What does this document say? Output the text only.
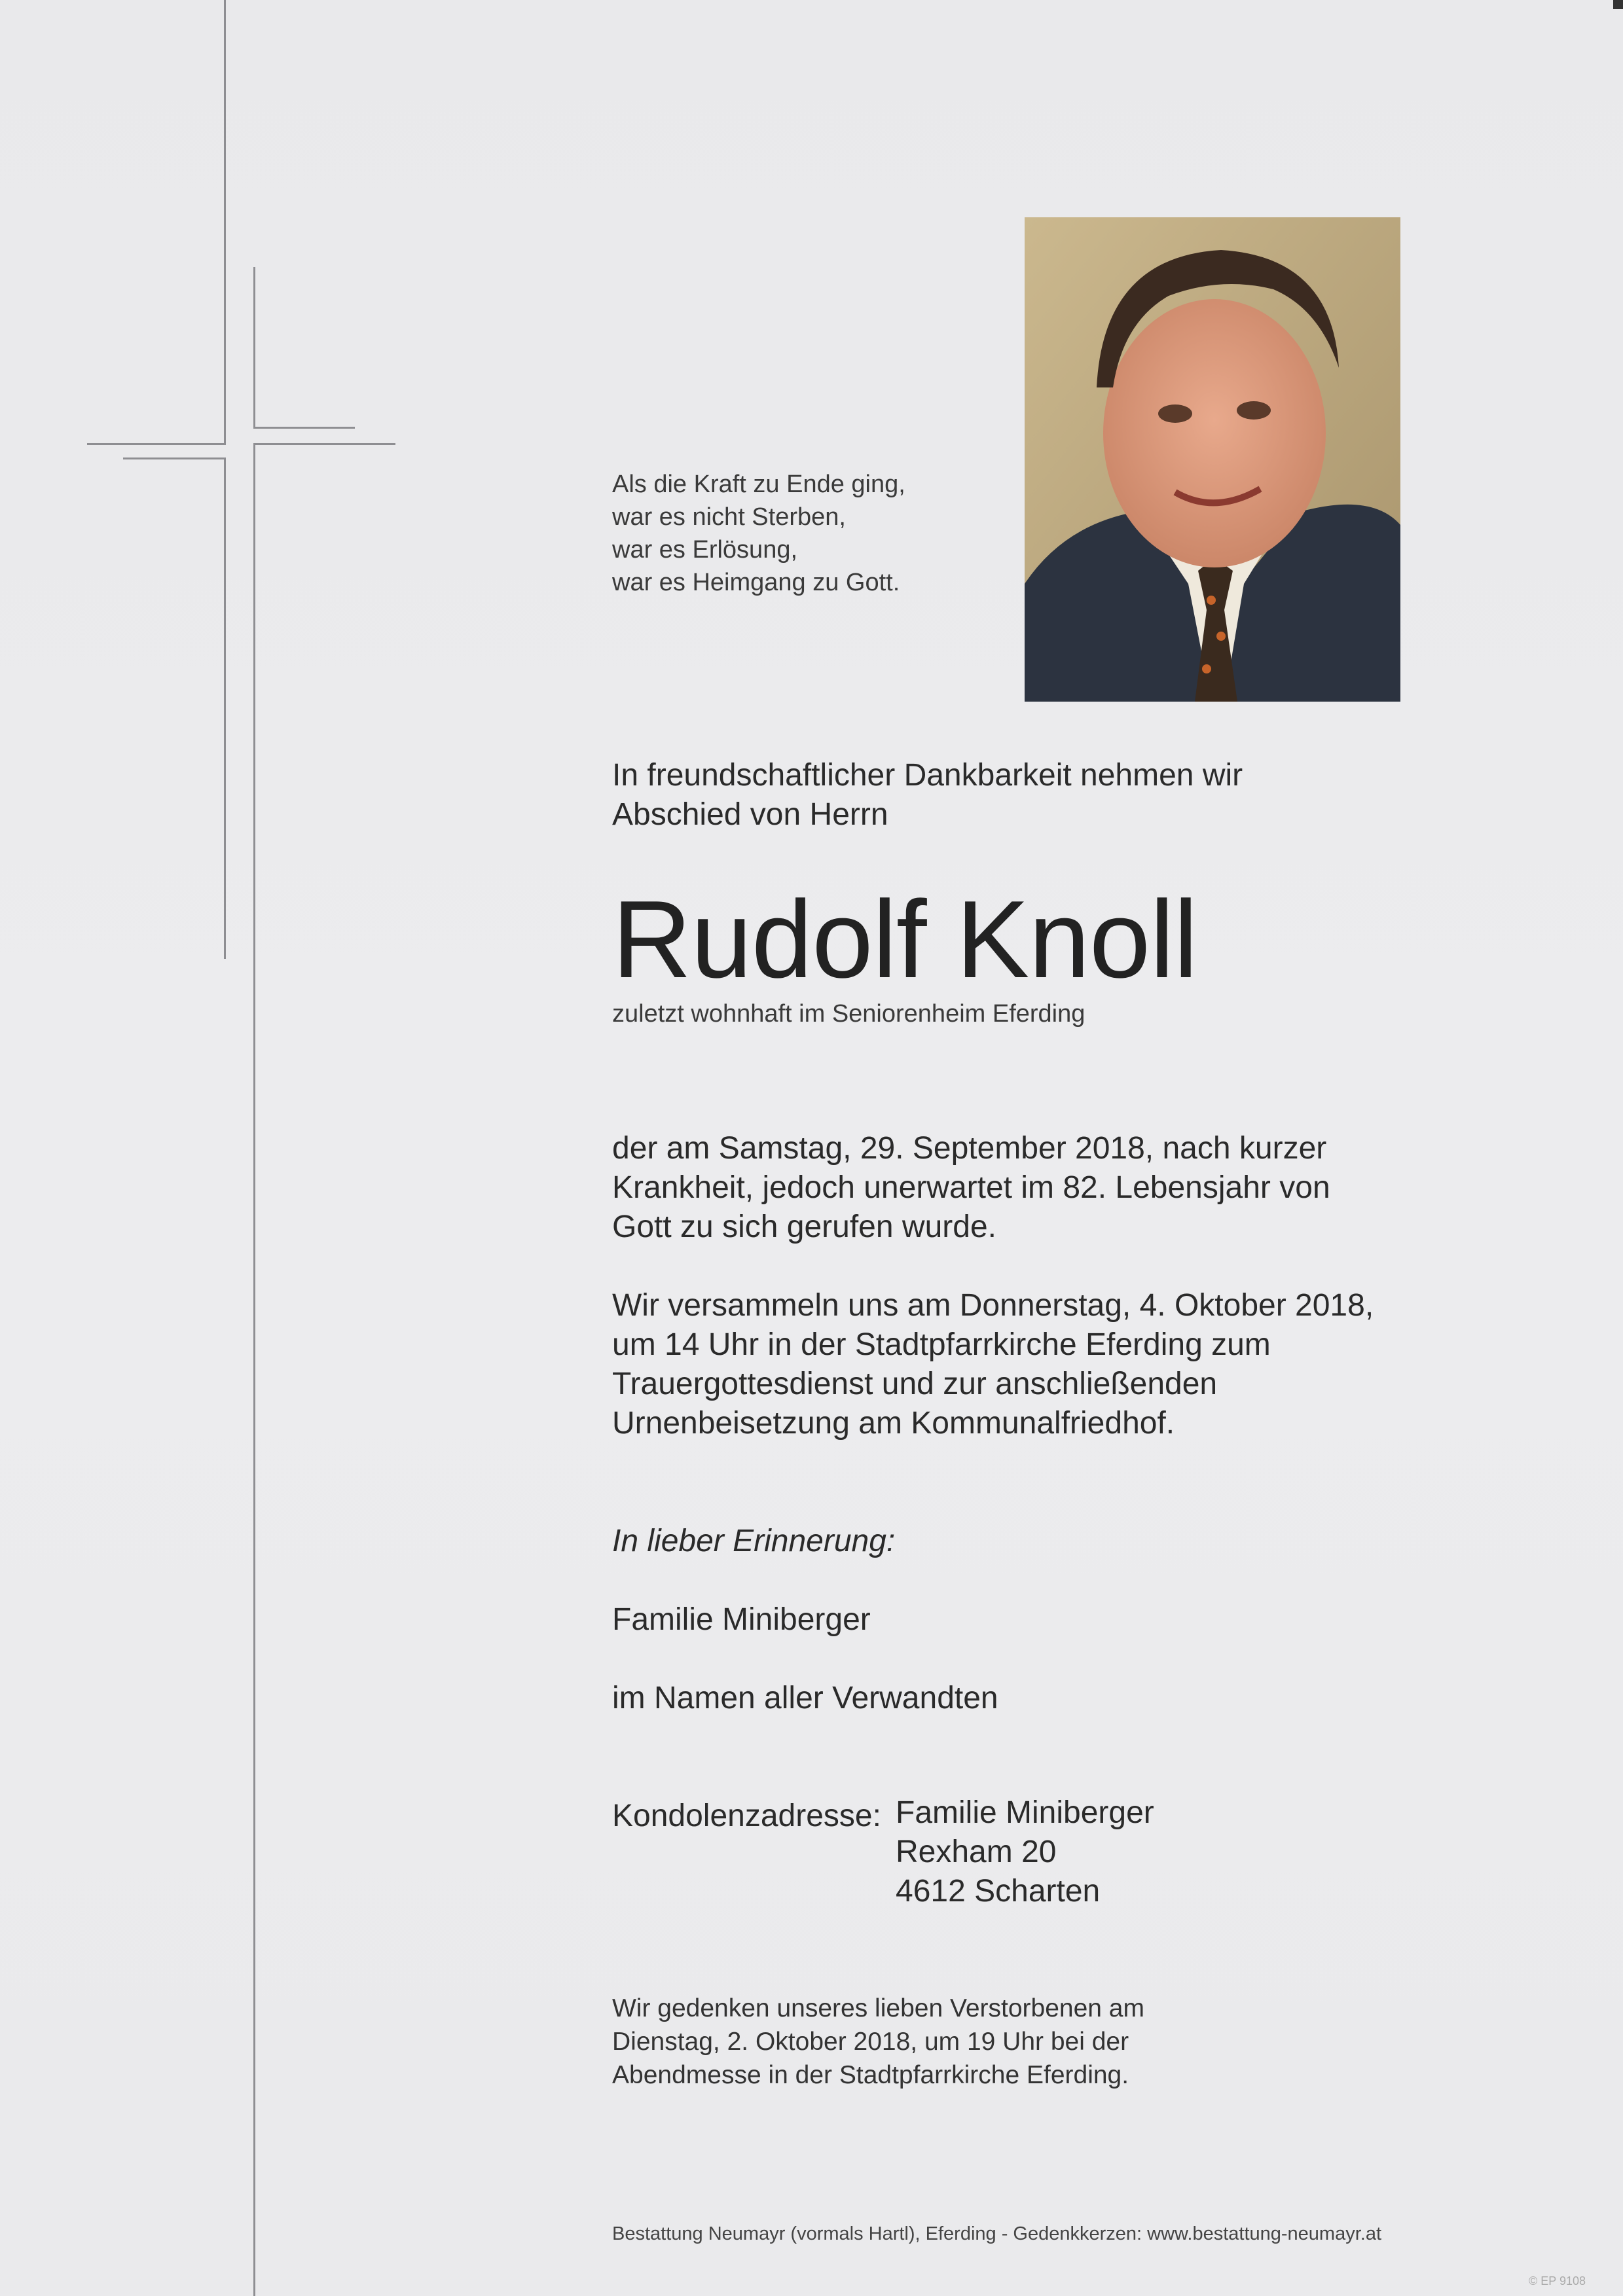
Als die Kraft zu Ende ging,
war es nicht Sterben,
war es Erlösung,
war es Heimgang zu Gott.

In freundschaftlicher Dankbarkeit nehmen wir
Abschied von Herrn

Rudolf Knoll

zuletzt wohnhaft im Seniorenheim Eferding

der am Samstag, 29. September 2018, nach kurzer
Krankheit, jedoch unerwartet im 82. Lebensjahr von
Gott zu sich gerufen wurde.

Wir versammeln uns am Donnerstag, 4. Oktober 2018,
um 14 Uhr in der Stadtpfarrkirche Eferding zum
Trauergottesdienst und zur anschließenden
Urnenbeisetzung am Kommunalfriedhof.

In lieber Erinnerung:

Familie Miniberger

im Namen aller Verwandten

Kondolenzadresse: Familie Miniberger
Rexham 20
4612 Scharten

Wir gedenken unseres lieben Verstorbenen am
Dienstag, 2. Oktober 2018, um 19 Uhr bei der
Abendmesse in der Stadtpfarrkirche Eferding.

Bestattung Neumayr (vormals Hartl), Eferding - Gedenkkerzen: www.bestattung-neumayr.at

© EP 9108
